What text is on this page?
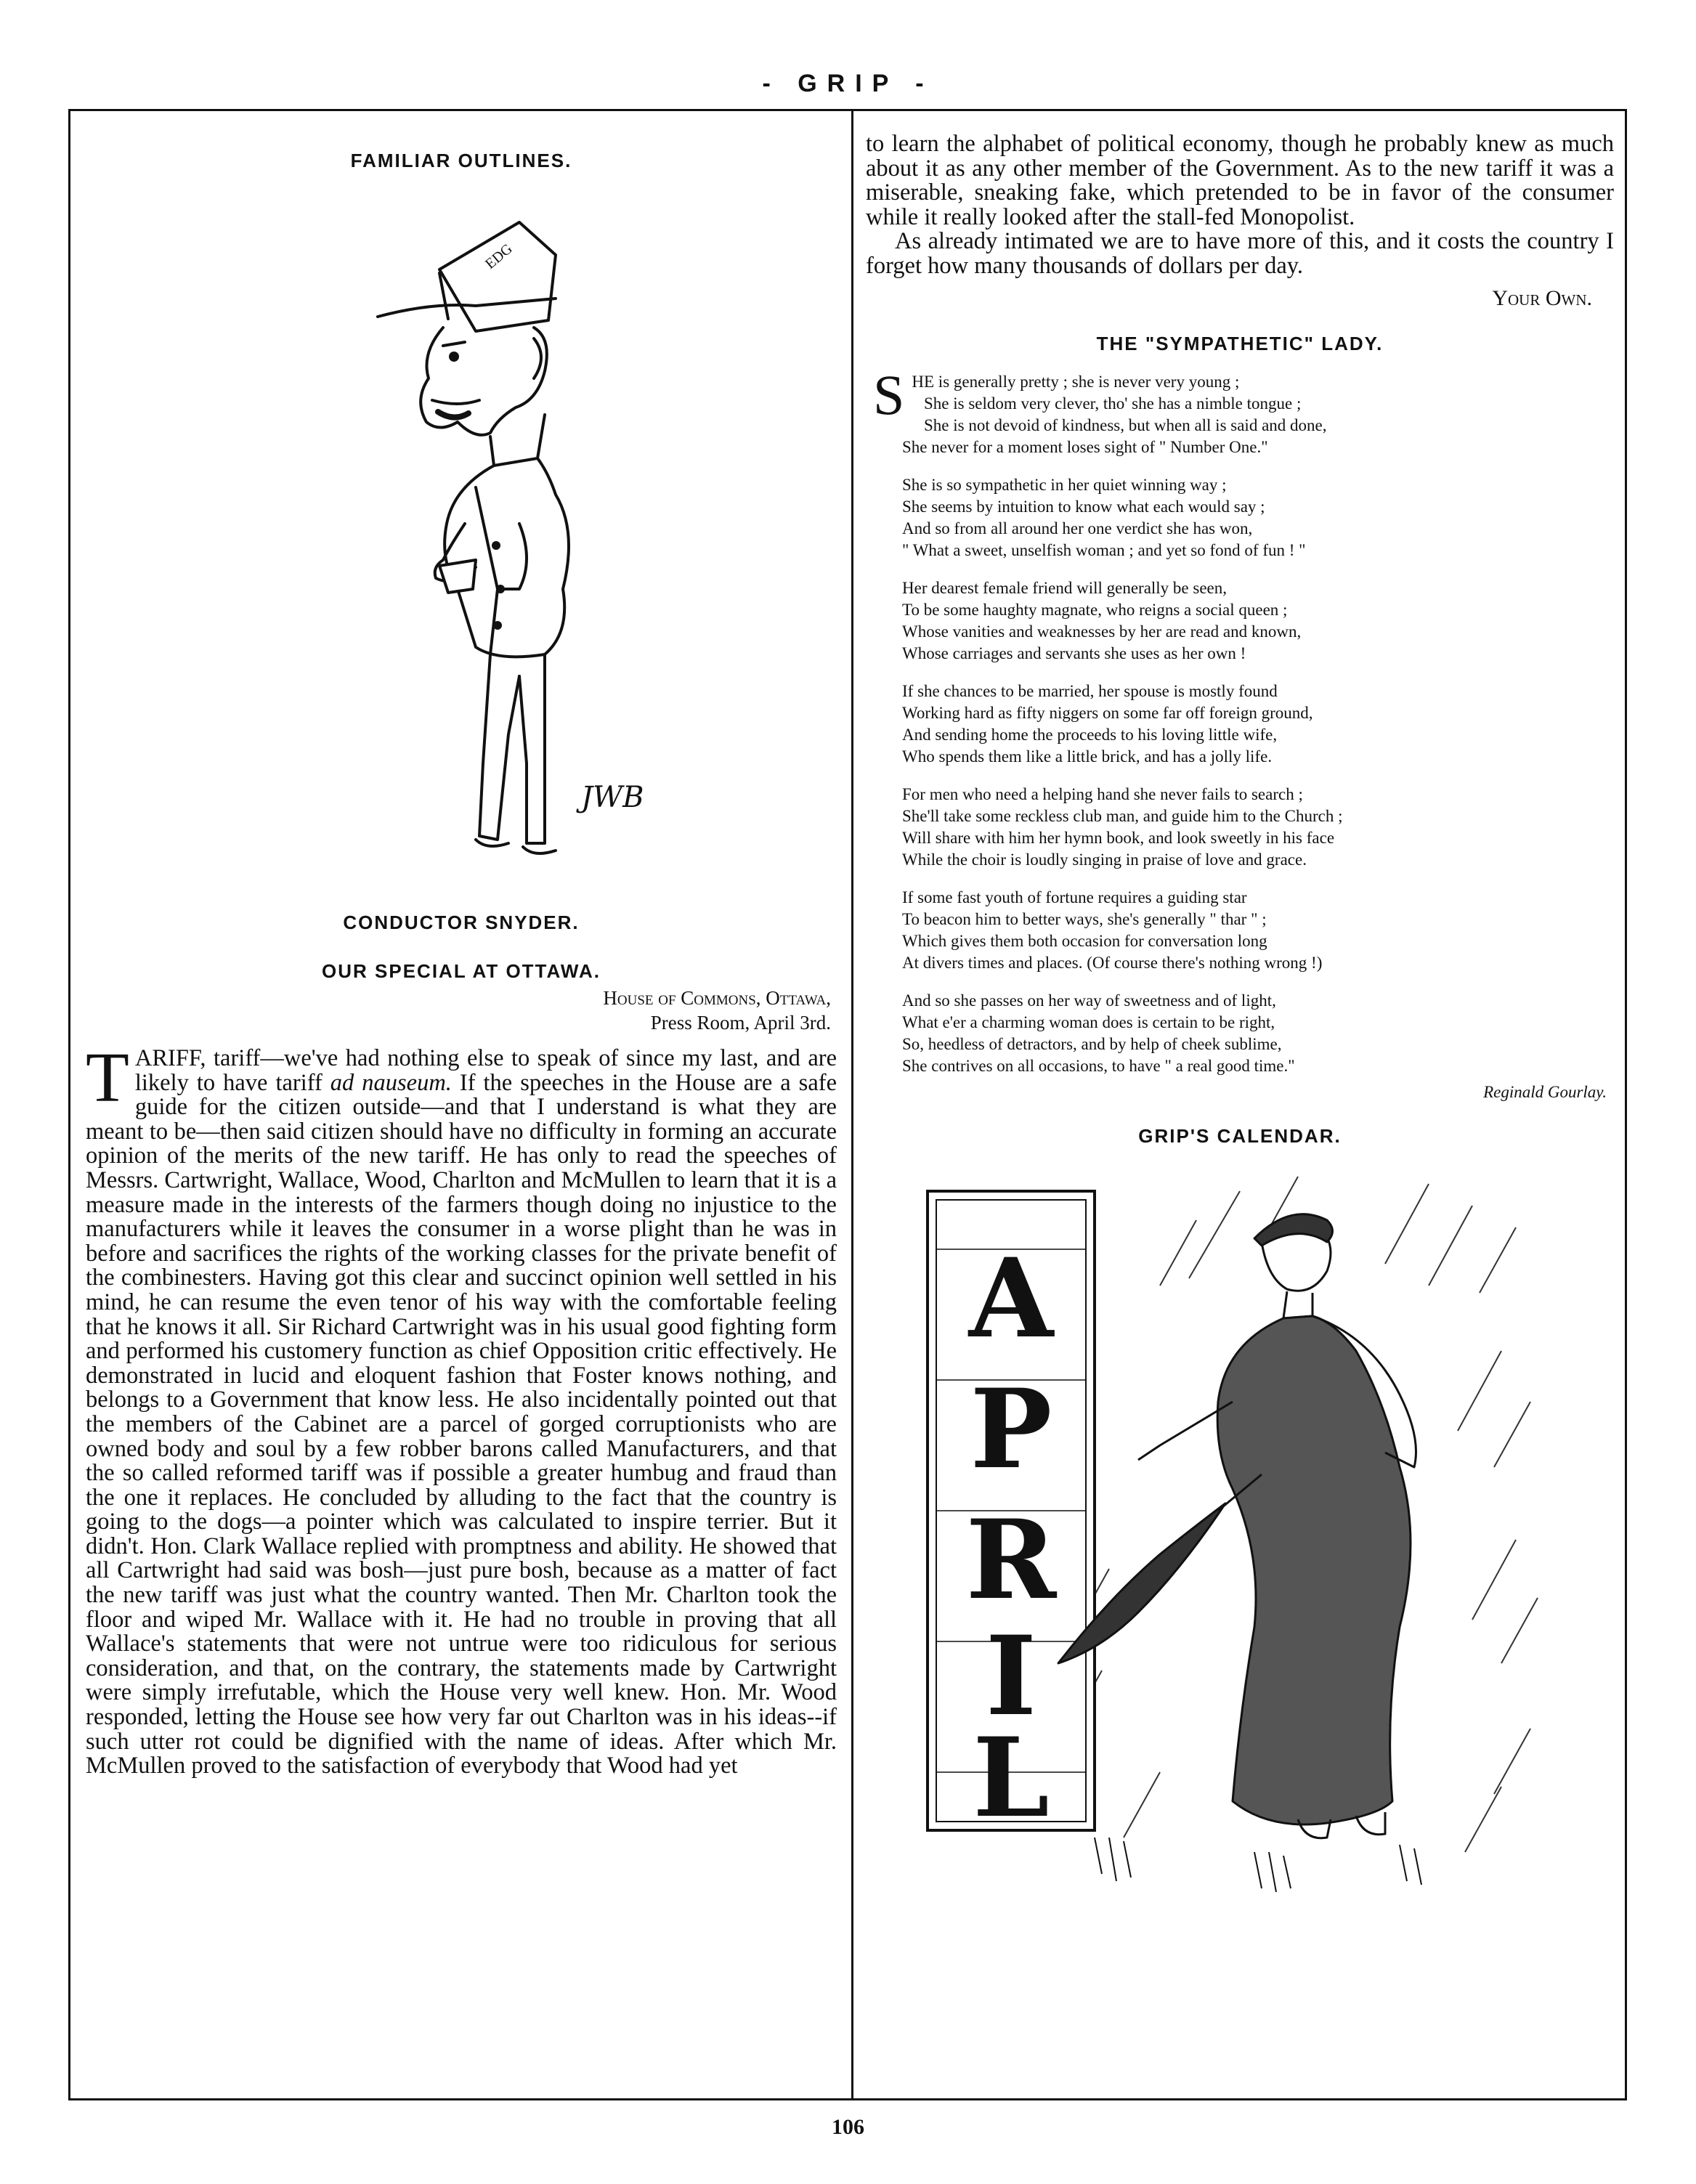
- GRIP -
FAMILIAR OUTLINES.
EDG
JWB
CONDUCTOR SNYDER.
OUR SPECIAL AT OTTAWA.
House of Commons, Ottawa,
Press Room, April 3rd.

TARIFF, tariff—we've had nothing else to speak of since my last, and are likely to have tariff ad nauseum. If the speeches in the House are a safe guide for the citizen outside—and that I understand is what they are meant to be—then said citizen should have no difficulty in forming an accurate opinion of the merits of the new tariff. He has only to read the speeches of Messrs. Cartwright, Wallace, Wood, Charlton and McMullen to learn that it is a measure made in the interests of the farmers though doing no injustice to the manufacturers while it leaves the consumer in a worse plight than he was in before and sacrifices the rights of the working classes for the private benefit of the combinesters. Having got this clear and succinct opinion well settled in his mind, he can resume the even tenor of his way with the comfortable feeling that he knows it all. Sir Richard Cartwright was in his usual good fighting form and performed his customery function as chief Opposition critic effectively. He demonstrated in lucid and eloquent fashion that Foster knows nothing, and belongs to a Government that know less. He also incidentally pointed out that the members of the Cabinet are a parcel of gorged corruptionists who are owned body and soul by a few robber barons called Manufacturers, and that the so called reformed tariff was if possible a greater humbug and fraud than the one it replaces. He concluded by alluding to the fact that the country is going to the dogs—a pointer which was calculated to inspire terrier. But it didn't. Hon. Clark Wallace replied with promptness and ability. He showed that all Cartwright had said was bosh—just pure bosh, because as a matter of fact the new tariff was just what the country wanted. Then Mr. Charlton took the floor and wiped Mr. Wallace with it. He had no trouble in proving that all Wallace's statements that were not untrue were too ridiculous for serious consideration, and that, on the contrary, the statements made by Cartwright were simply irrefutable, which the House very well knew. Hon. Mr. Wood responded, letting the House see how very far out Charlton was in his ideas--if such utter rot could be dignified with the name of ideas. After which Mr. McMullen proved to the satisfaction of everybody that Wood had yet

to learn the alphabet of political economy, though he probably knew as much about it as any other member of the Government. As to the new tariff it was a miserable, sneaking fake, which pretended to be in favor of the consumer while it really looked after the stall-fed Monopolist.

As already intimated we are to have more of this, and it costs the country I forget how many thousands of dollars per day.

Your Own.
THE "SYMPATHETIC" LADY.
S HE is generally pretty ; she is never very young ;
She is seldom very clever, tho' she has a nimble tongue ;
She is not devoid of kindness, but when all is said and done,
She never for a moment loses sight of " Number One."
She is so sympathetic in her quiet winning way ;
She seems by intuition to know what each would say ;
And so from all around her one verdict she has won,
" What a sweet, unselfish woman ; and yet so fond of fun ! "
Her dearest female friend will generally be seen,
To be some haughty magnate, who reigns a social queen ;
Whose vanities and weaknesses by her are read and known,
Whose carriages and servants she uses as her own !
If she chances to be married, her spouse is mostly found
Working hard as fifty niggers on some far off foreign ground,
And sending home the proceeds to his loving little wife,
Who spends them like a little brick, and has a jolly life.
For men who need a helping hand she never fails to search ;
She'll take some reckless club man, and guide him to the Church ;
Will share with him her hymn book, and look sweetly in his face
While the choir is loudly singing in praise of love and grace.
If some fast youth of fortune requires a guiding star
To beacon him to better ways, she's generally " thar " ;
Which gives them both occasion for conversation long
At divers times and places. (Of course there's nothing wrong !)
And so she passes on her way of sweetness and of light,
What e'er a charming woman does is certain to be right,
So, heedless of detractors, and by help of cheek sublime,
She contrives on all occasions, to have " a real good time."
Reginald Gourlay.
GRIP'S CALENDAR.
A
P
R
I
L
106
